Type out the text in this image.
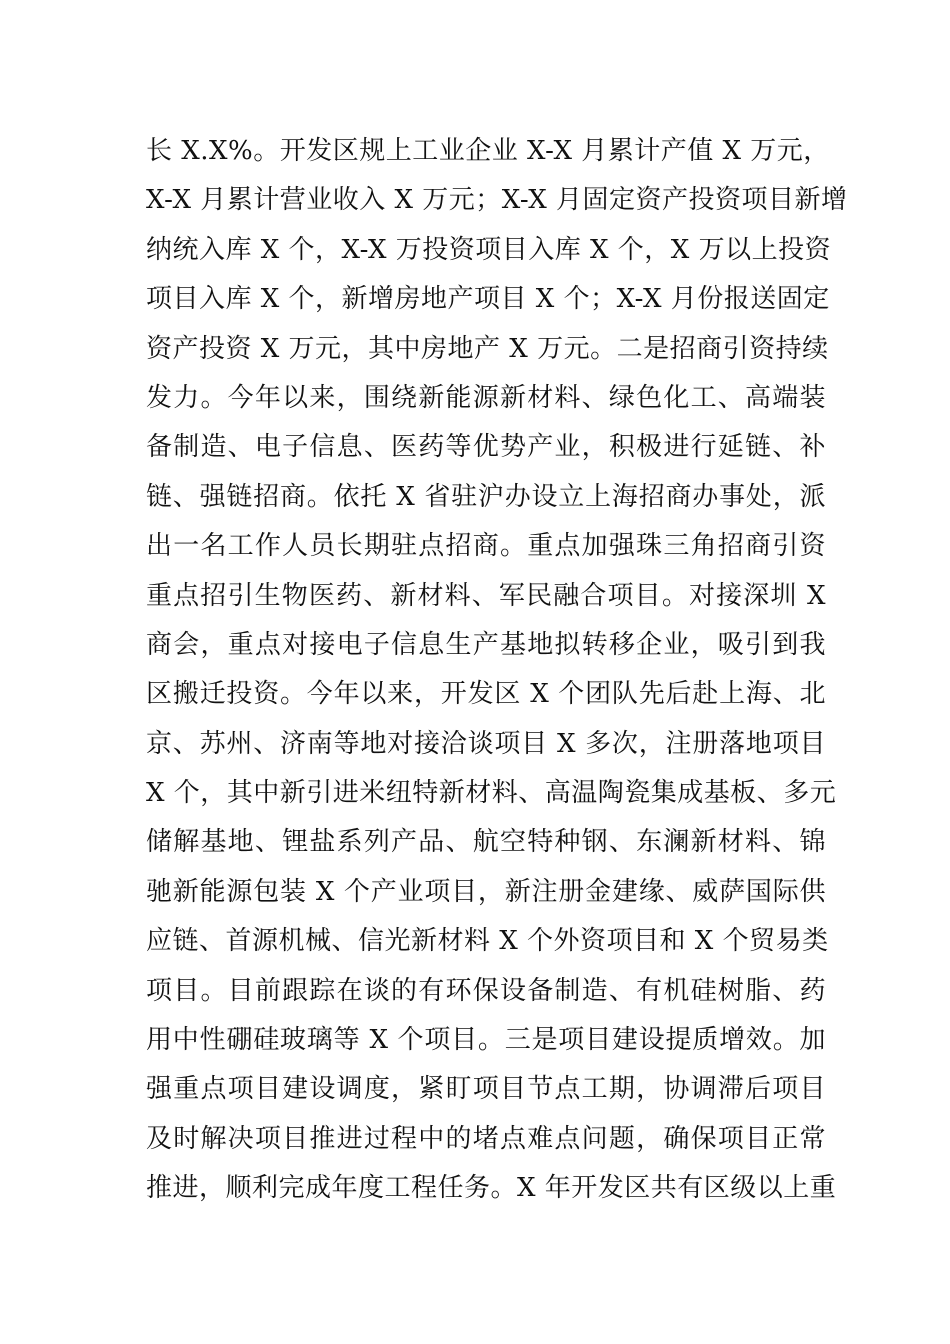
长 X.X%。开发区规上工业企业 X-X 月累计产值 X 万元，
X-X 月累计营业收入 X 万元；X-X 月固定资产投资项目新增
纳统入库 X 个，X-X 万投资项目入库 X 个，X 万以上投资
项目入库 X 个，新增房地产项目 X 个；X-X 月份报送固定
资产投资 X 万元，其中房地产 X 万元。二是招商引资持续
发力。今年以来，围绕新能源新材料、绿色化工、高端装
备制造、电子信息、医药等优势产业，积极进行延链、补
链、强链招商。依托 X 省驻沪办设立上海招商办事处，派
出一名工作人员长期驻点招商。重点加强珠三角招商引资
重点招引生物医药、新材料、军民融合项目。对接深圳 X
商会，重点对接电子信息生产基地拟转移企业，吸引到我
区搬迁投资。今年以来，开发区 X 个团队先后赴上海、北
京、苏州、济南等地对接洽谈项目 X 多次，注册落地项目
X 个，其中新引进米纽特新材料、高温陶瓷集成基板、多元
储解基地、锂盐系列产品、航空特种钢、东澜新材料、锦
驰新能源包装 X 个产业项目，新注册金建缘、威萨国际供
应链、首源机械、信光新材料 X 个外资项目和 X 个贸易类
项目。目前跟踪在谈的有环保设备制造、有机硅树脂、药
用中性硼硅玻璃等 X 个项目。三是项目建设提质增效。加
强重点项目建设调度，紧盯项目节点工期，协调滞后项目
及时解决项目推进过程中的堵点难点问题，确保项目正常
推进，顺利完成年度工程任务。X 年开发区共有区级以上重
